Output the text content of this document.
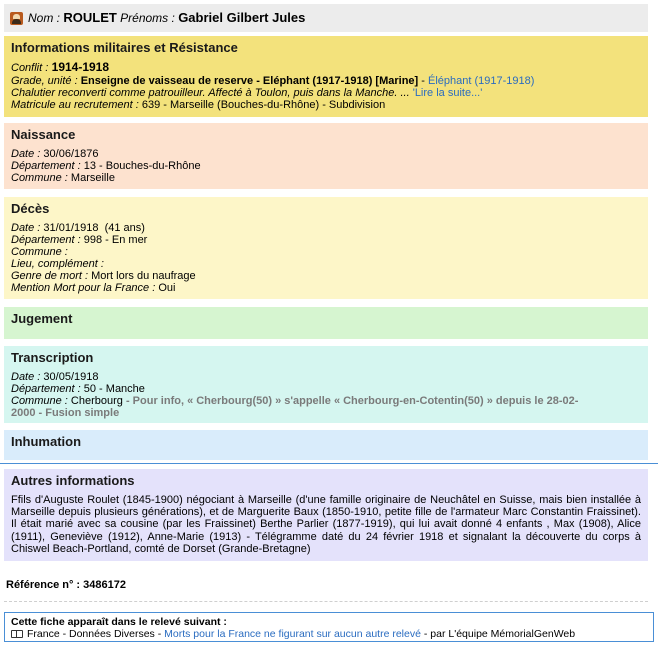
Nom :
ROULET
Prénoms :
Gabriel Gilbert Jules
Informations militaires et Résistance
Conflit : 1914-1918
Grade, unité : Enseigne de vaisseau de reserve - Eléphant (1917-1918) [Marine] - Éléphant (1917-1918)
Chalutier reconverti comme patrouilleur. Affecté à Toulon, puis dans la Manche. ... 'Lire la suite...'
Matricule au recrutement : 639 - Marseille (Bouches-du-Rhône) - Subdivision
Naissance
Date : 30/06/1876
Département : 13 - Bouches-du-Rhône
Commune : Marseille
Décès
Date : 31/01/1918  (41 ans)
Département : 998 - En mer
Commune :
Lieu, complément :
Genre de mort : Mort lors du naufrage
Mention Mort pour la France : Oui
Jugement
Transcription
Date : 30/05/1918
Département : 50 - Manche
Commune : Cherbourg - Pour info, « Cherbourg(50) » s'appelle « Cherbourg-en-Cotentin(50) » depuis le 28-02-
2000 - Fusion simple
Inhumation
Autres informations
Ffils d'Auguste Roulet (1845-1900) négociant à Marseille (d'une famille originaire de Neuchâtel en Suisse, mais bien installée à Marseille depuis plusieurs générations), et de Marguerite Baux (1850-1910, petite fille de l'armateur Marc Constantin Fraissinet). Il était marié avec sa cousine (par les Fraissinet) Berthe Parlier (1877-1919), qui lui avait donné 4 enfants , Max (1908), Alice (1911), Geneviève (1912), Anne-Marie (1913) - Télégramme daté du 24 février 1918 et signalant la découverte du corps à Chiswel Beach-Portland, comté de Dorset (Grande-Bretagne)
Référence n° : 3486172
Cette fiche apparaît dans le relevé suivant :
France - Données Diverses - Morts pour la France ne figurant sur aucun autre relevé - par L'équipe MémorialGenWeb
